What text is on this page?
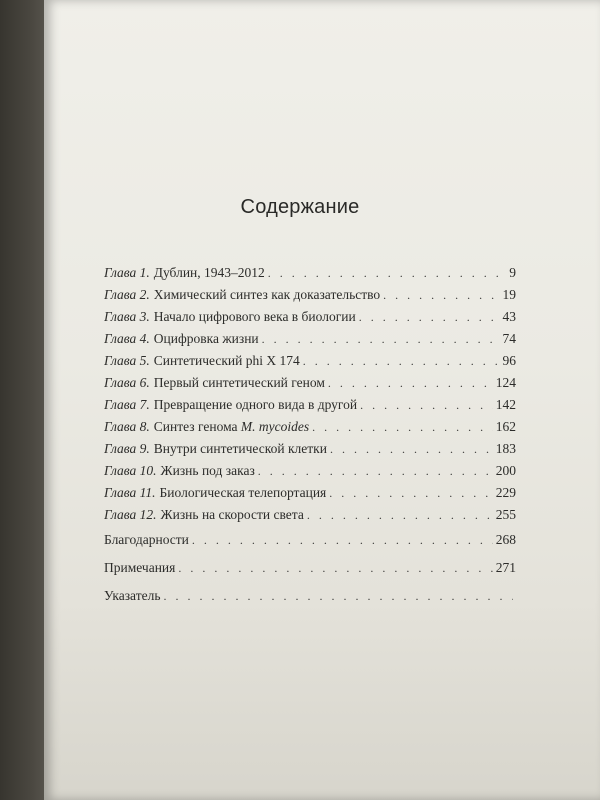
Содержание
Глава 1. Дублин, 1943–2012 . . .	9
Глава 2. Химический синтез как доказательство . . .	19
Глава 3. Начало цифрового века в биологии . . .	43
Глава 4. Оцифровка жизни . . .	74
Глава 5. Синтетический phi X 174 . . .	96
Глава 6. Первый синтетический геном . . .	124
Глава 7. Превращение одного вида в другой . . .	142
Глава 8. Синтез генома M. mycoides . . .	162
Глава 9. Внутри синтетической клетки . . .	183
Глава 10. Жизнь под заказ . . .	200
Глава 11. Биологическая телепортация . . .	229
Глава 12. Жизнь на скорости света . . .	255
Благодарности . . .	268
Примечания . . .	271
Указатель
. . .
